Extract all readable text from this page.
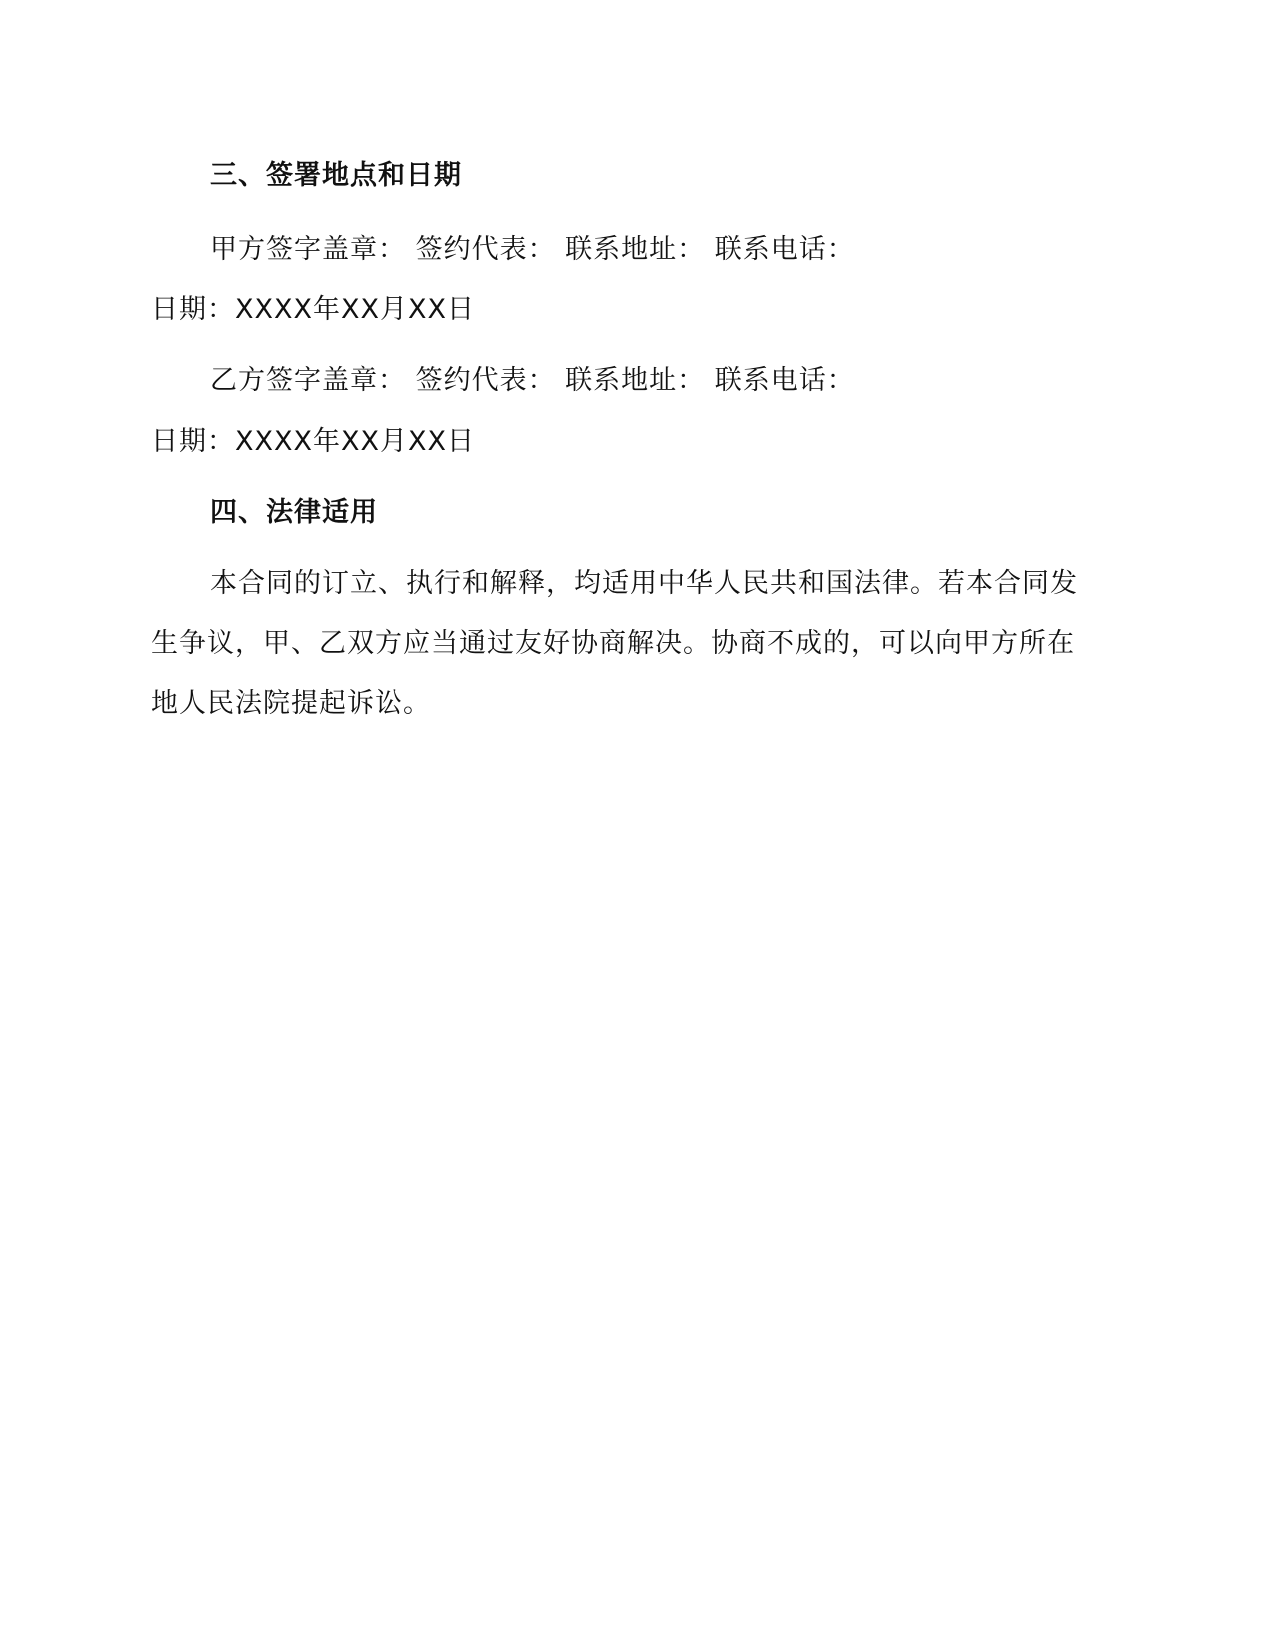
三、签署地点和日期
甲方签字盖章： 签约代表： 联系地址： 联系电话：
日期：XXXX年XX月XX日
乙方签字盖章： 签约代表： 联系地址： 联系电话：
日期：XXXX年XX月XX日
四、法律适用
本合同的订立、执行和解释，均适用中华人民共和国法律。若本合同发
生争议，甲、乙双方应当通过友好协商解决。协商不成的，可以向甲方所在
地人民法院提起诉讼。
